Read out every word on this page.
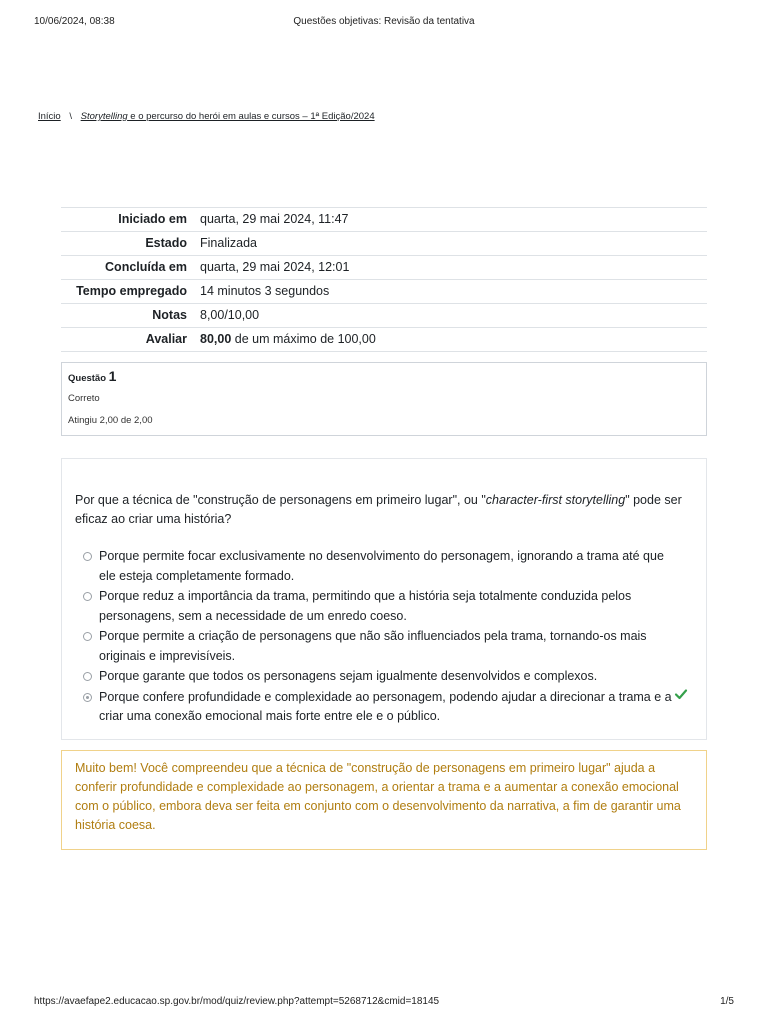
10/06/2024, 08:38	Questões objetivas: Revisão da tentativa
Início \ Storytelling e o percurso do herói em aulas e cursos – 1ª Edição/2024
Iniciado em	quarta, 29 mai 2024, 11:47
Estado	Finalizada
Concluída em	quarta, 29 mai 2024, 12:01
Tempo empregado	14 minutos 3 segundos
Notas	8,00/10,00
Avaliar	80,00 de um máximo de 100,00
Questão 1
Correto
Atingiu 2,00 de 2,00
Por que a técnica de "construção de personagens em primeiro lugar", ou "character-first storytelling" pode ser eficaz ao criar uma história?
Porque permite focar exclusivamente no desenvolvimento do personagem, ignorando a trama até que ele esteja completamente formado.
Porque reduz a importância da trama, permitindo que a história seja totalmente conduzida pelos personagens, sem a necessidade de um enredo coeso.
Porque permite a criação de personagens que não são influenciados pela trama, tornando-os mais originais e imprevisíveis.
Porque garante que todos os personagens sejam igualmente desenvolvidos e complexos.
Porque confere profundidade e complexidade ao personagem, podendo ajudar a direcionar a trama e a criar uma conexão emocional mais forte entre ele e o público.

Muito bem! Você compreendeu que a técnica de "construção de personagens em primeiro lugar" ajuda a conferir profundidade e complexidade ao personagem, a orientar a trama e a aumentar a conexão emocional com o público, embora deva ser feita em conjunto com o desenvolvimento da narrativa, a fim de garantir uma história coesa.

https://avaefape2.educacao.sp.gov.br/mod/quiz/review.php?attempt=5268712&cmid=18145	1/5
